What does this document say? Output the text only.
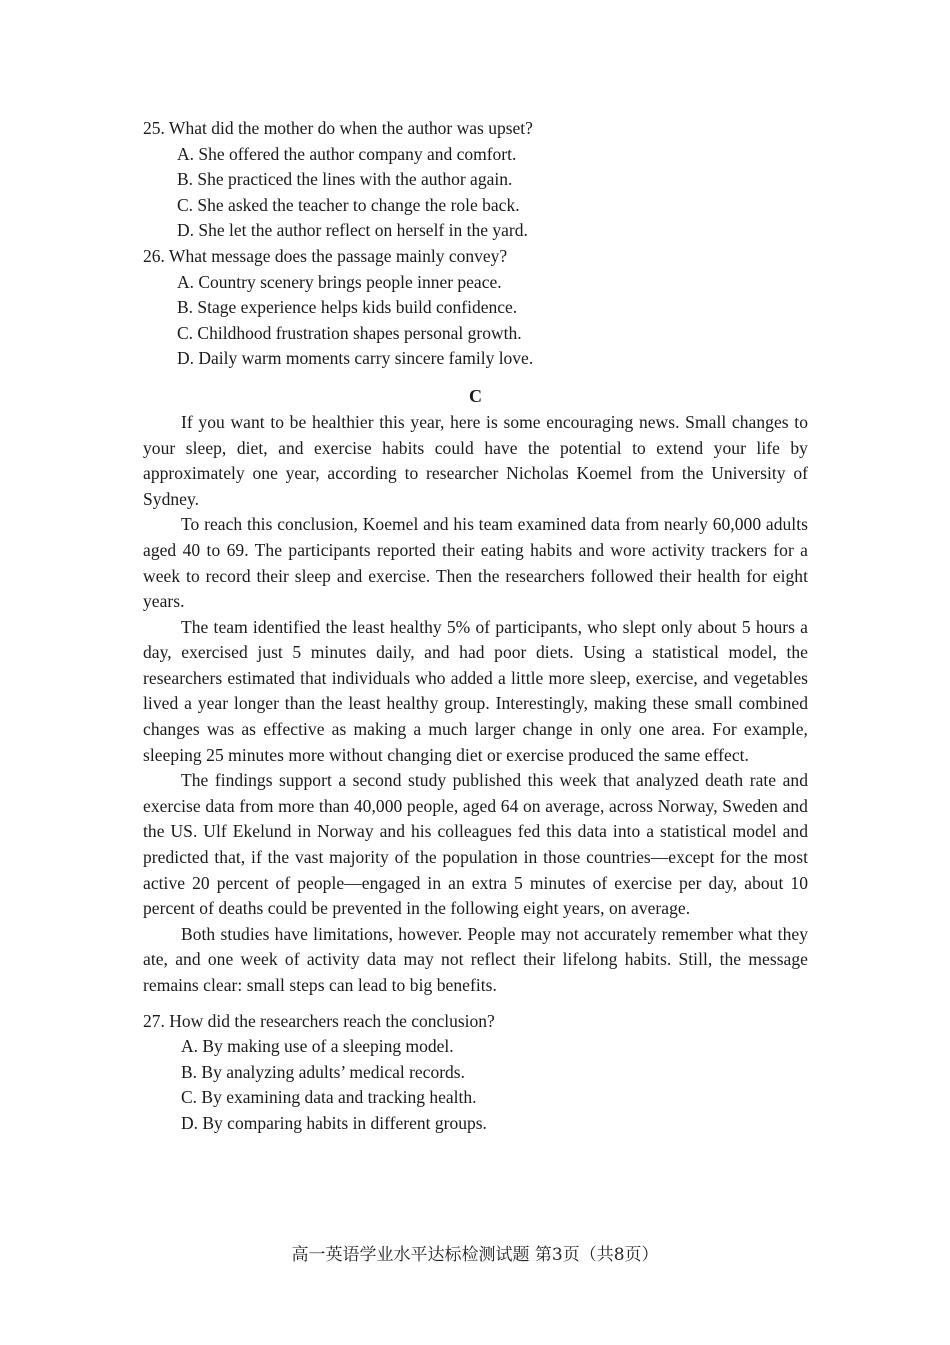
25. What did the mother do when the author was upset?
A. She offered the author company and comfort.
B. She practiced the lines with the author again.
C. She asked the teacher to change the role back.
D. She let the author reflect on herself in the yard.
26. What message does the passage mainly convey?
A. Country scenery brings people inner peace.
B. Stage experience helps kids build confidence.
C. Childhood frustration shapes personal growth.
D. Daily warm moments carry sincere family love.
C

If you want to be healthier this year, here is some encouraging news. Small changes to your sleep, diet, and exercise habits could have the potential to extend your life by approximately one year, according to researcher Nicholas Koemel from the University of Sydney.

To reach this conclusion, Koemel and his team examined data from nearly 60,000 adults aged 40 to 69. The participants reported their eating habits and wore activity trackers for a week to record their sleep and exercise. Then the researchers followed their health for eight years.

The team identified the least healthy 5% of participants, who slept only about 5 hours a day, exercised just 5 minutes daily, and had poor diets. Using a statistical model, the researchers estimated that individuals who added a little more sleep, exercise, and vegetables lived a year longer than the least healthy group. Interestingly, making these small combined changes was as effective as making a much larger change in only one area. For example, sleeping 25 minutes more without changing diet or exercise produced the same effect.

The findings support a second study published this week that analyzed death rate and exercise data from more than 40,000 people, aged 64 on average, across Norway, Sweden and the US. Ulf Ekelund in Norway and his colleagues fed this data into a statistical model and predicted that, if the vast majority of the population in those countries—except for the most active 20 percent of people—engaged in an extra 5 minutes of exercise per day, about 10 percent of deaths could be prevented in the following eight years, on average.

Both studies have limitations, however. People may not accurately remember what they ate, and one week of activity data may not reflect their lifelong habits. Still, the message remains clear: small steps can lead to big benefits.

27. How did the researchers reach the conclusion?
A. By making use of a sleeping model.
B. By analyzing adults’ medical records.
C. By examining data and tracking health.
D. By comparing habits in different groups.
高一英语学业水平达标检测试题 第3页（共8页）
